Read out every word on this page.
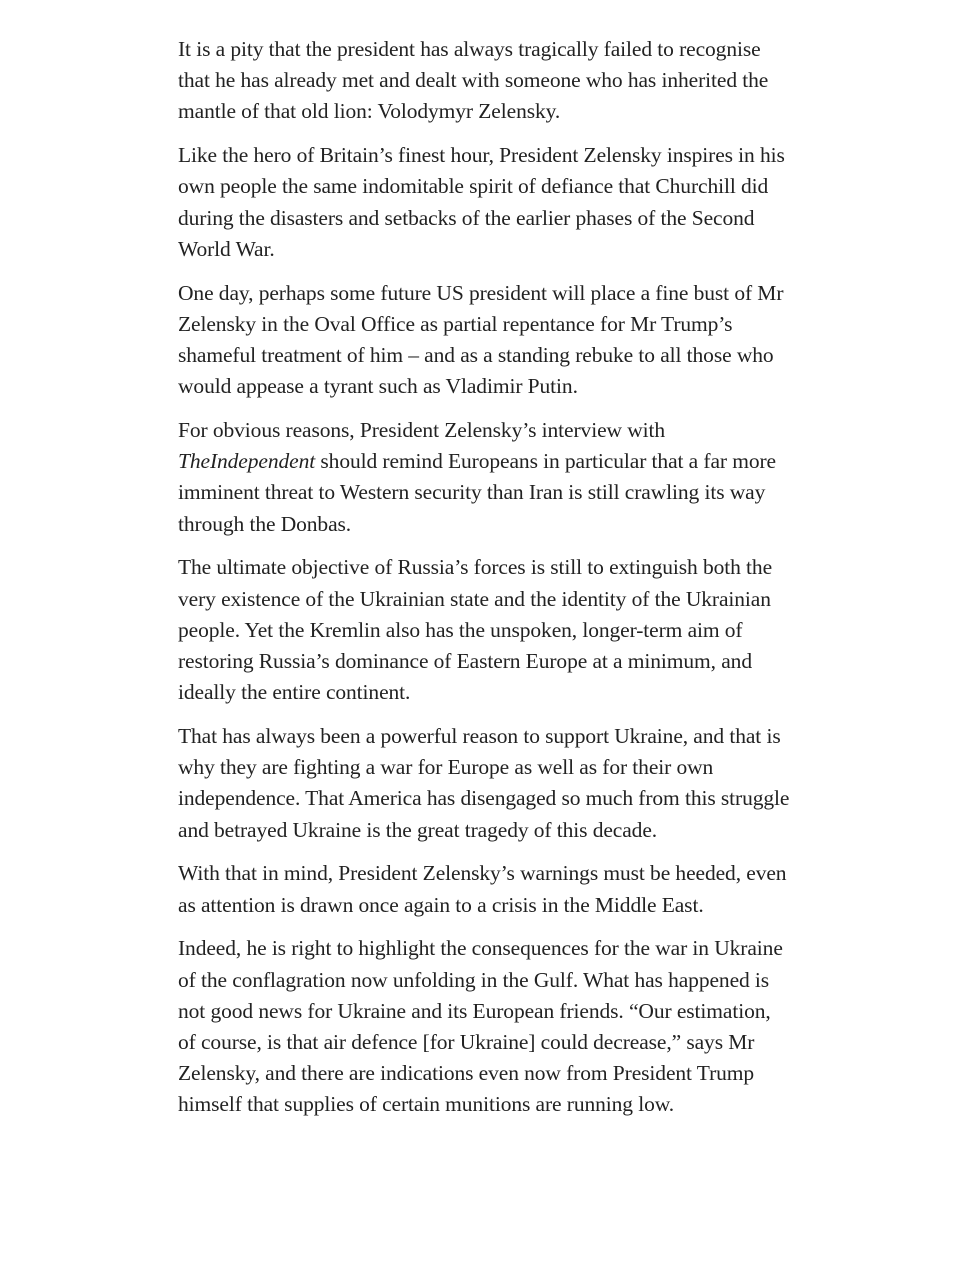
It is a pity that the president has always tragically failed to recognise that he has already met and dealt with someone who has inherited the mantle of that old lion: Volodymyr Zelensky.

Like the hero of Britain’s finest hour, President Zelensky inspires in his own people the same indomitable spirit of defiance that Churchill did during the disasters and setbacks of the earlier phases of the Second World War.

One day, perhaps some future US president will place a fine bust of Mr Zelensky in the Oval Office as partial repentance for Mr Trump’s shameful treatment of him – and as a standing rebuke to all those who would appease a tyrant such as Vladimir Putin.

For obvious reasons, President Zelensky’s interview with TheIndependent should remind Europeans in particular that a far more imminent threat to Western security than Iran is still crawling its way through the Donbas.

The ultimate objective of Russia’s forces is still to extinguish both the very existence of the Ukrainian state and the identity of the Ukrainian people. Yet the Kremlin also has the unspoken, longer-term aim of restoring Russia’s dominance of Eastern Europe at a minimum, and ideally the entire continent.

That has always been a powerful reason to support Ukraine, and that is why they are fighting a war for Europe as well as for their own independence. That America has disengaged so much from this struggle and betrayed Ukraine is the great tragedy of this decade.

With that in mind, President Zelensky’s warnings must be heeded, even as attention is drawn once again to a crisis in the Middle East.

Indeed, he is right to highlight the consequences for the war in Ukraine of the conflagration now unfolding in the Gulf. What has happened is not good news for Ukraine and its European friends. “Our estimation, of course, is that air defence [for Ukraine] could decrease,” says Mr Zelensky, and there are indications even now from President Trump himself that supplies of certain munitions are running low.
